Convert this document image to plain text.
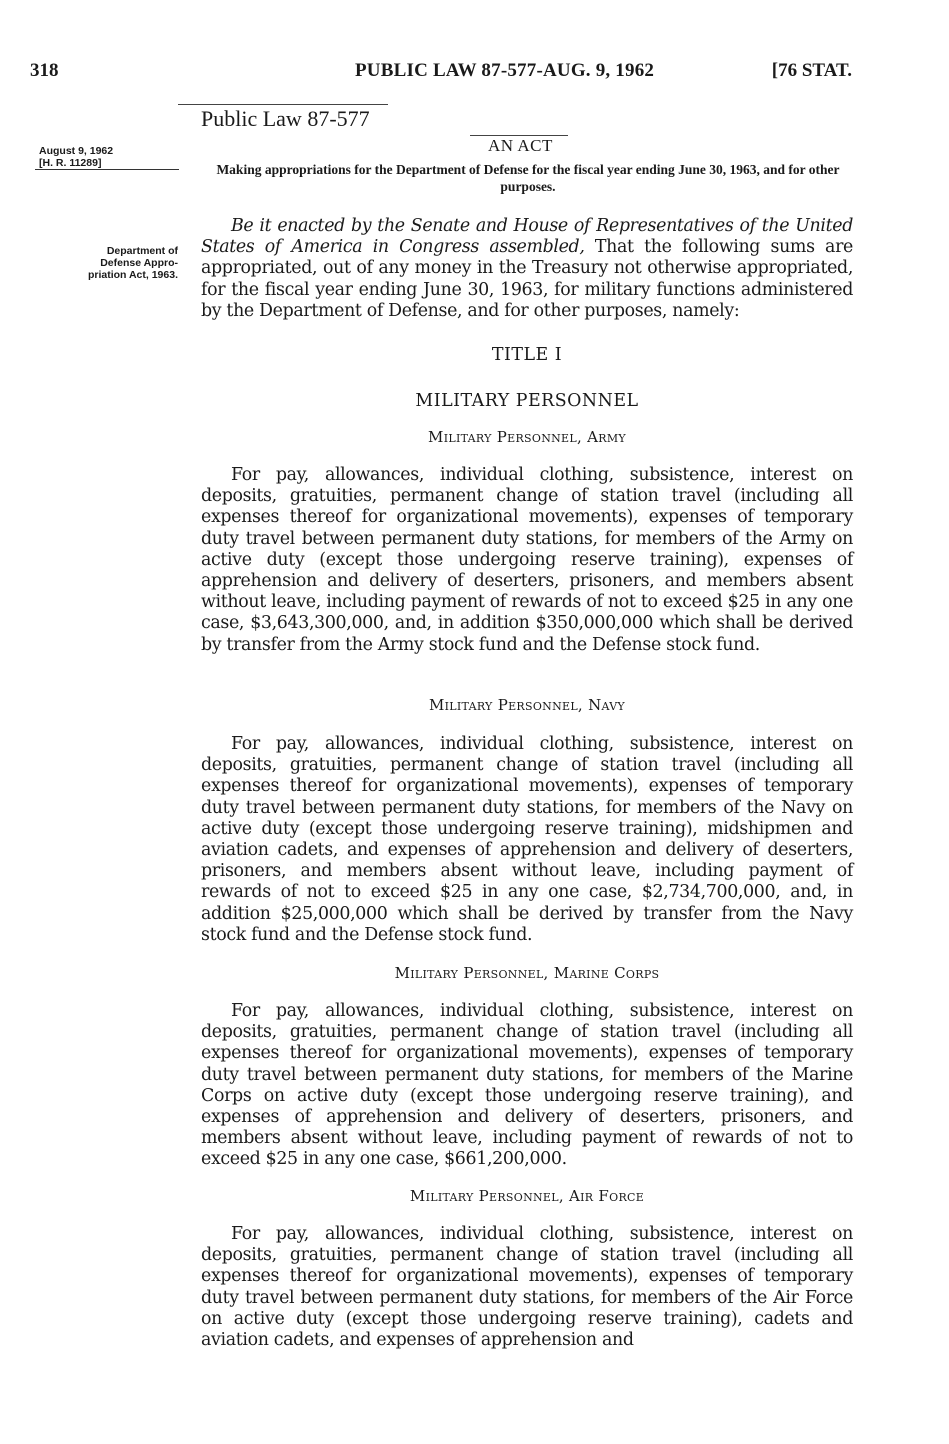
318	PUBLIC LAW 87-577-AUG. 9, 1962	[76 STAT.
Public Law 87-577
AN ACT
Making appropriations for the Department of Defense for the fiscal year ending June 30, 1963, and for other purposes.
August 9, 1962
[H. R. 11289]
Department of
Defense Appro-
priation Act, 1963.
Be it enacted by the Senate and House of Representatives of the United States of America in Congress assembled, That the following sums are appropriated, out of any money in the Treasury not otherwise appropriated, for the fiscal year ending June 30, 1963, for military functions administered by the Department of Defense, and for other purposes, namely:
TITLE I
MILITARY PERSONNEL
Military Personnel, Army
For pay, allowances, individual clothing, subsistence, interest on deposits, gratuities, permanent change of station travel (including all expenses thereof for organizational movements), expenses of temporary duty travel between permanent duty stations, for members of the Army on active duty (except those undergoing reserve training), expenses of apprehension and delivery of deserters, prisoners, and members absent without leave, including payment of rewards of not to exceed $25 in any one case, $3,643,300,000, and, in addition $350,000,000 which shall be derived by transfer from the Army stock fund and the Defense stock fund.
Military Personnel, Navy
For pay, allowances, individual clothing, subsistence, interest on deposits, gratuities, permanent change of station travel (including all expenses thereof for organizational movements), expenses of temporary duty travel between permanent duty stations, for members of the Navy on active duty (except those undergoing reserve training), midshipmen and aviation cadets, and expenses of apprehension and delivery of deserters, prisoners, and members absent without leave, including payment of rewards of not to exceed $25 in any one case, $2,734,700,000, and, in addition $25,000,000 which shall be derived by transfer from the Navy stock fund and the Defense stock fund.
Military Personnel, Marine Corps
For pay, allowances, individual clothing, subsistence, interest on deposits, gratuities, permanent change of station travel (including all expenses thereof for organizational movements), expenses of temporary duty travel between permanent duty stations, for members of the Marine Corps on active duty (except those undergoing reserve training), and expenses of apprehension and delivery of deserters, prisoners, and members absent without leave, including payment of rewards of not to exceed $25 in any one case, $661,200,000.
Military Personnel, Air Force
For pay, allowances, individual clothing, subsistence, interest on deposits, gratuities, permanent change of station travel (including all expenses thereof for organizational movements), expenses of temporary duty travel between permanent duty stations, for members of the Air Force on active duty (except those undergoing reserve training), cadets and aviation cadets, and expenses of apprehension and
